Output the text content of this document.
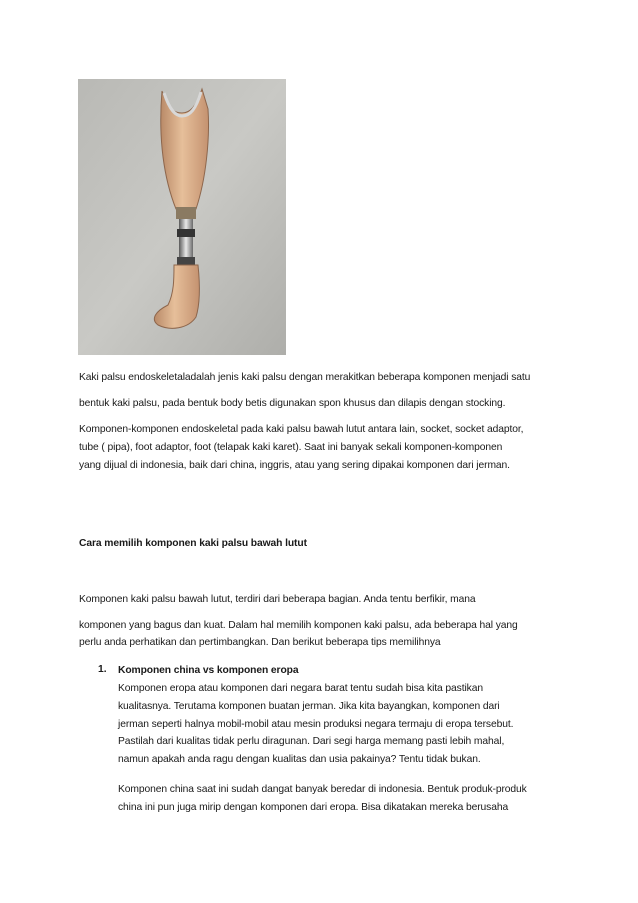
Kaki palsu endoskeletaladalah jenis kaki palsu dengan merakitkan beberapa komponen menjadi satu
bentuk kaki palsu, pada bentuk body betis digunakan spon khusus dan dilapis dengan stocking.
Komponen-komponen endoskeletal pada kaki palsu bawah lutut antara lain, socket, socket adaptor,
tube ( pipa), foot adaptor, foot (telapak kaki karet). Saat ini banyak sekali komponen-komponen
yang dijual di indonesia, baik dari china, inggris, atau yang sering dipakai komponen dari jerman.
Cara memilih komponen kaki palsu bawah lutut
Komponen kaki palsu bawah lutut, terdiri dari beberapa bagian. Anda tentu berfikir, mana
komponen yang bagus dan kuat. Dalam hal memilih komponen kaki palsu, ada beberapa hal yang
perlu anda perhatikan dan pertimbangkan. Dan berikut beberapa tips memilihnya
1. Komponen china vs komponen eropa
Komponen eropa atau komponen dari negara barat tentu sudah bisa kita pastikan
kualitasnya. Terutama komponen buatan jerman. Jika kita bayangkan, komponen dari
jerman seperti halnya mobil-mobil atau mesin produksi negara termaju di eropa tersebut.
Pastilah dari kualitas tidak perlu diragunan. Dari segi harga memang pasti lebih mahal,
namun apakah anda ragu dengan kualitas dan usia pakainya? Tentu tidak bukan.
Komponen china saat ini sudah dangat banyak beredar di indonesia. Bentuk produk-produk
china ini pun juga mirip dengan komponen dari eropa. Bisa dikatakan mereka berusaha
